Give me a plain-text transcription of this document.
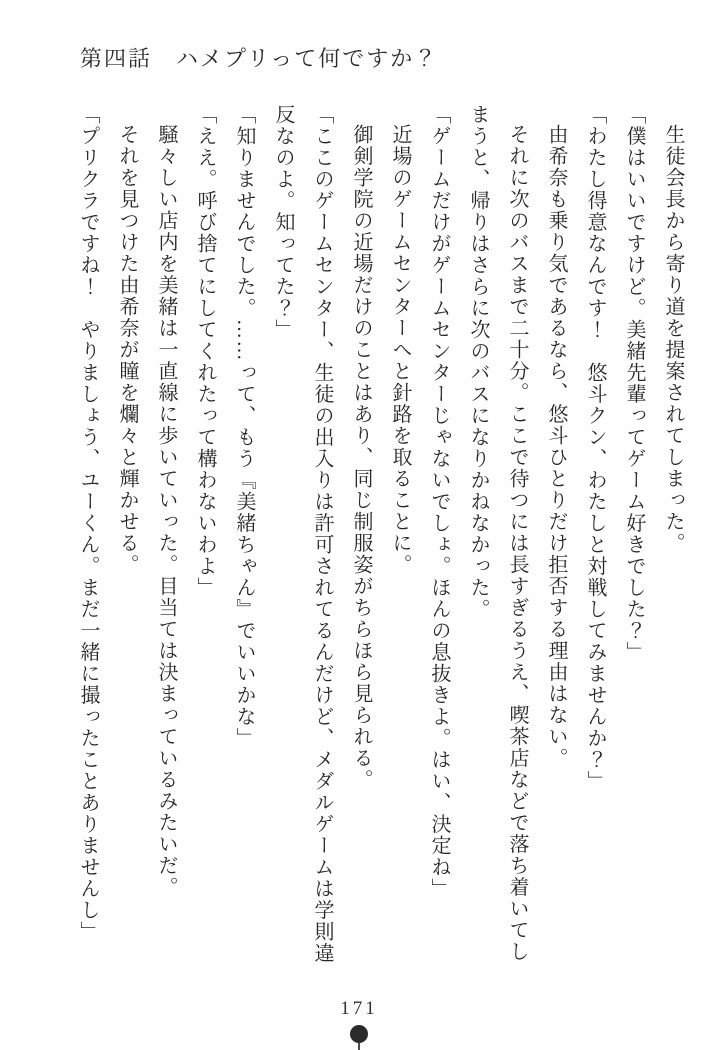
第四話　ハメプリって何ですか？

生徒会長から寄り道を提案されてしまった。

「僕はいいですけど。美緒先輩ってゲーム好きでした？」

「わたし得意なんです！　悠斗クン、わたしと対戦してみませんか？」

由希奈も乗り気であるなら、悠斗ひとりだけ拒否する理由はない。

それに次のバスまで二十分。ここで待つには長すぎるうえ、喫茶店などで落ち着いてしまうと、帰りはさらに次のバスになりかねなかった。

「ゲームだけがゲームセンターじゃないでしょ。ほんの息抜きよ。はい、決定ね」

近場のゲームセンターへと針路を取ることに。

御剣学院の近場だけのことはあり、同じ制服姿がちらほら見られる。

「ここのゲームセンター、生徒の出入りは許可されてるんだけど、メダルゲームは学則違反なのよ。知ってた？」

「知りませんでした。……って、もう『美緒ちゃん』でいいかな」

「ええ。呼び捨てにしてくれたって構わないわよ」

騒々しい店内を美緒は一直線に歩いていった。目当ては決まっているみたいだ。

それを見つけた由希奈が瞳を爛々と輝かせる。

「プリクラですね！　やりましょう、ユーくん。まだ一緒に撮ったことありませんし」

171
